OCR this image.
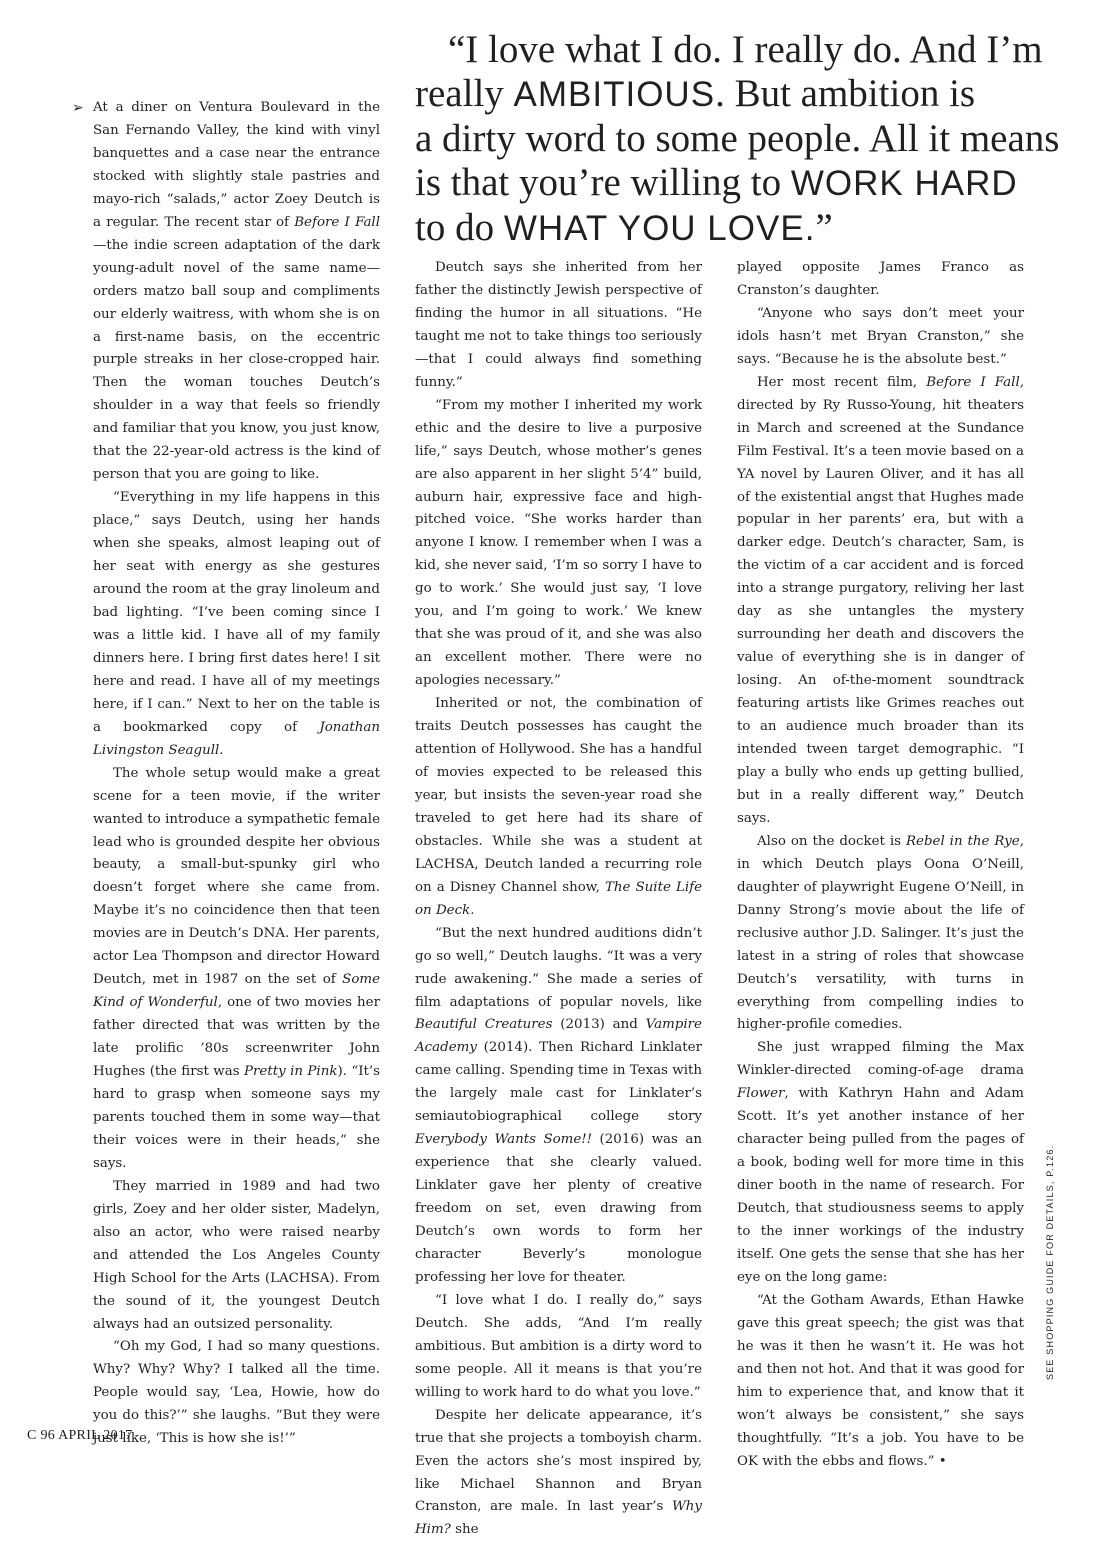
“I love what I do. I really do. And I’m
really AMBITIOUS. But ambition is
a dirty word to some people. All it means
is that you’re willing to WORK HARD
to do WHAT YOU LOVE.”
➢ At a diner on Ventura Boulevard in the San Fernando Valley, the kind with vinyl banquettes and a case near the entrance stocked with slightly stale pastries and mayo-rich “salads,” actor Zoey Deutch is a regular. The recent star of Before I Fall—the indie screen adaptation of the dark young-adult novel of the same name—orders matzo ball soup and compliments our elderly waitress, with whom she is on a first-name basis, on the eccentric purple streaks in her close-cropped hair. Then the woman touches Deutch’s shoulder in a way that feels so friendly and familiar that you know, you just know, that the 22-year-old actress is the kind of person that you are going to like.

“Everything in my life happens in this place,” says Deutch, using her hands when she speaks, almost leaping out of her seat with energy as she gestures around the room at the gray linoleum and bad lighting. “I’ve been coming since I was a little kid. I have all of my family dinners here. I bring first dates here! I sit here and read. I have all of my meetings here, if I can.” Next to her on the table is a bookmarked copy of Jonathan Livingston Seagull.

The whole setup would make a great scene for a teen movie, if the writer wanted to introduce a sympathetic female lead who is grounded despite her obvious beauty, a small-but-spunky girl who doesn’t forget where she came from. Maybe it’s no coincidence then that teen movies are in Deutch’s DNA. Her parents, actor Lea Thompson and director Howard Deutch, met in 1987 on the set of Some Kind of Wonderful, one of two movies her father directed that was written by the late prolific ’80s screenwriter John Hughes (the first was Pretty in Pink). “It’s hard to grasp when someone says my parents touched them in some way—that their voices were in their heads,” she says.

They married in 1989 and had two girls, Zoey and her older sister, Madelyn, also an actor, who were raised nearby and attended the Los Angeles County High School for the Arts (LACHSA). From the sound of it, the youngest Deutch always had an outsized personality.

“Oh my God, I had so many questions. Why? Why? Why? I talked all the time. People would say, ‘Lea, Howie, how do you do this?’” she laughs. “But they were just like, ‘This is how she is!’”

Deutch says she inherited from her father the distinctly Jewish perspective of finding the humor in all situations. “He taught me not to take things too seriously—that I could always find something funny.”

“From my mother I inherited my work ethic and the desire to live a purposive life,” says Deutch, whose mother’s genes are also apparent in her slight 5’4” build, auburn hair, expressive face and high-pitched voice. “She works harder than anyone I know. I remember when I was a kid, she never said, ‘I’m so sorry I have to go to work.’ She would just say, ‘I love you, and I’m going to work.’ We knew that she was proud of it, and she was also an excellent mother. There were no apologies necessary.”

Inherited or not, the combination of traits Deutch possesses has caught the attention of Hollywood. She has a handful of movies expected to be released this year, but insists the seven-year road she traveled to get here had its share of obstacles. While she was a student at LACHSA, Deutch landed a recurring role on a Disney Channel show, The Suite Life on Deck.

“But the next hundred auditions didn’t go so well,” Deutch laughs. “It was a very rude awakening.” She made a series of film adaptations of popular novels, like Beautiful Creatures (2013) and Vampire Academy (2014). Then Richard Linklater came calling. Spending time in Texas with the largely male cast for Linklater’s semiautobiographical college story Everybody Wants Some!! (2016) was an experience that she clearly valued. Linklater gave her plenty of creative freedom on set, even drawing from Deutch’s own words to form her character Beverly’s monologue professing her love for theater.

“I love what I do. I really do,” says Deutch. She adds, “And I’m really ambitious. But ambition is a dirty word to some people. All it means is that you’re willing to work hard to do what you love.”

Despite her delicate appearance, it’s true that she projects a tomboyish charm. Even the actors she’s most inspired by, like Michael Shannon and Bryan Cranston, are male. In last year’s Why Him? she

played opposite James Franco as Cranston’s daughter.

“Anyone who says don’t meet your idols hasn’t met Bryan Cranston,” she says. “Because he is the absolute best.”

Her most recent film, Before I Fall, directed by Ry Russo-Young, hit theaters in March and screened at the Sundance Film Festival. It’s a teen movie based on a YA novel by Lauren Oliver, and it has all of the existential angst that Hughes made popular in her parents’ era, but with a darker edge. Deutch’s character, Sam, is the victim of a car accident and is forced into a strange purgatory, reliving her last day as she untangles the mystery surrounding her death and discovers the value of everything she is in danger of losing. An of-the-moment soundtrack featuring artists like Grimes reaches out to an audience much broader than its intended tween target demographic. “I play a bully who ends up getting bullied, but in a really different way,” Deutch says.

Also on the docket is Rebel in the Rye, in which Deutch plays Oona O’Neill, daughter of playwright Eugene O’Neill, in Danny Strong’s movie about the life of reclusive author J.D. Salinger. It’s just the latest in a string of roles that showcase Deutch’s versatility, with turns in everything from compelling indies to higher-profile comedies.

She just wrapped filming the Max Winkler-directed coming-of-age drama Flower, with Kathryn Hahn and Adam Scott. It’s yet another instance of her character being pulled from the pages of a book, boding well for more time in this diner booth in the name of research. For Deutch, that studiousness seems to apply to the inner workings of the industry itself. One gets the sense that she has her eye on the long game:

“At the Gotham Awards, Ethan Hawke gave this great speech; the gist was that he was it then he wasn’t it. He was hot and then not hot. And that it was good for him to experience that, and know that it won’t always be consistent,” she says thoughtfully. “It’s a job. You have to be OK with the ebbs and flows.” •

C 96 APRIL 2017
SEE SHOPPING GUIDE FOR DETAILS, P.126.
